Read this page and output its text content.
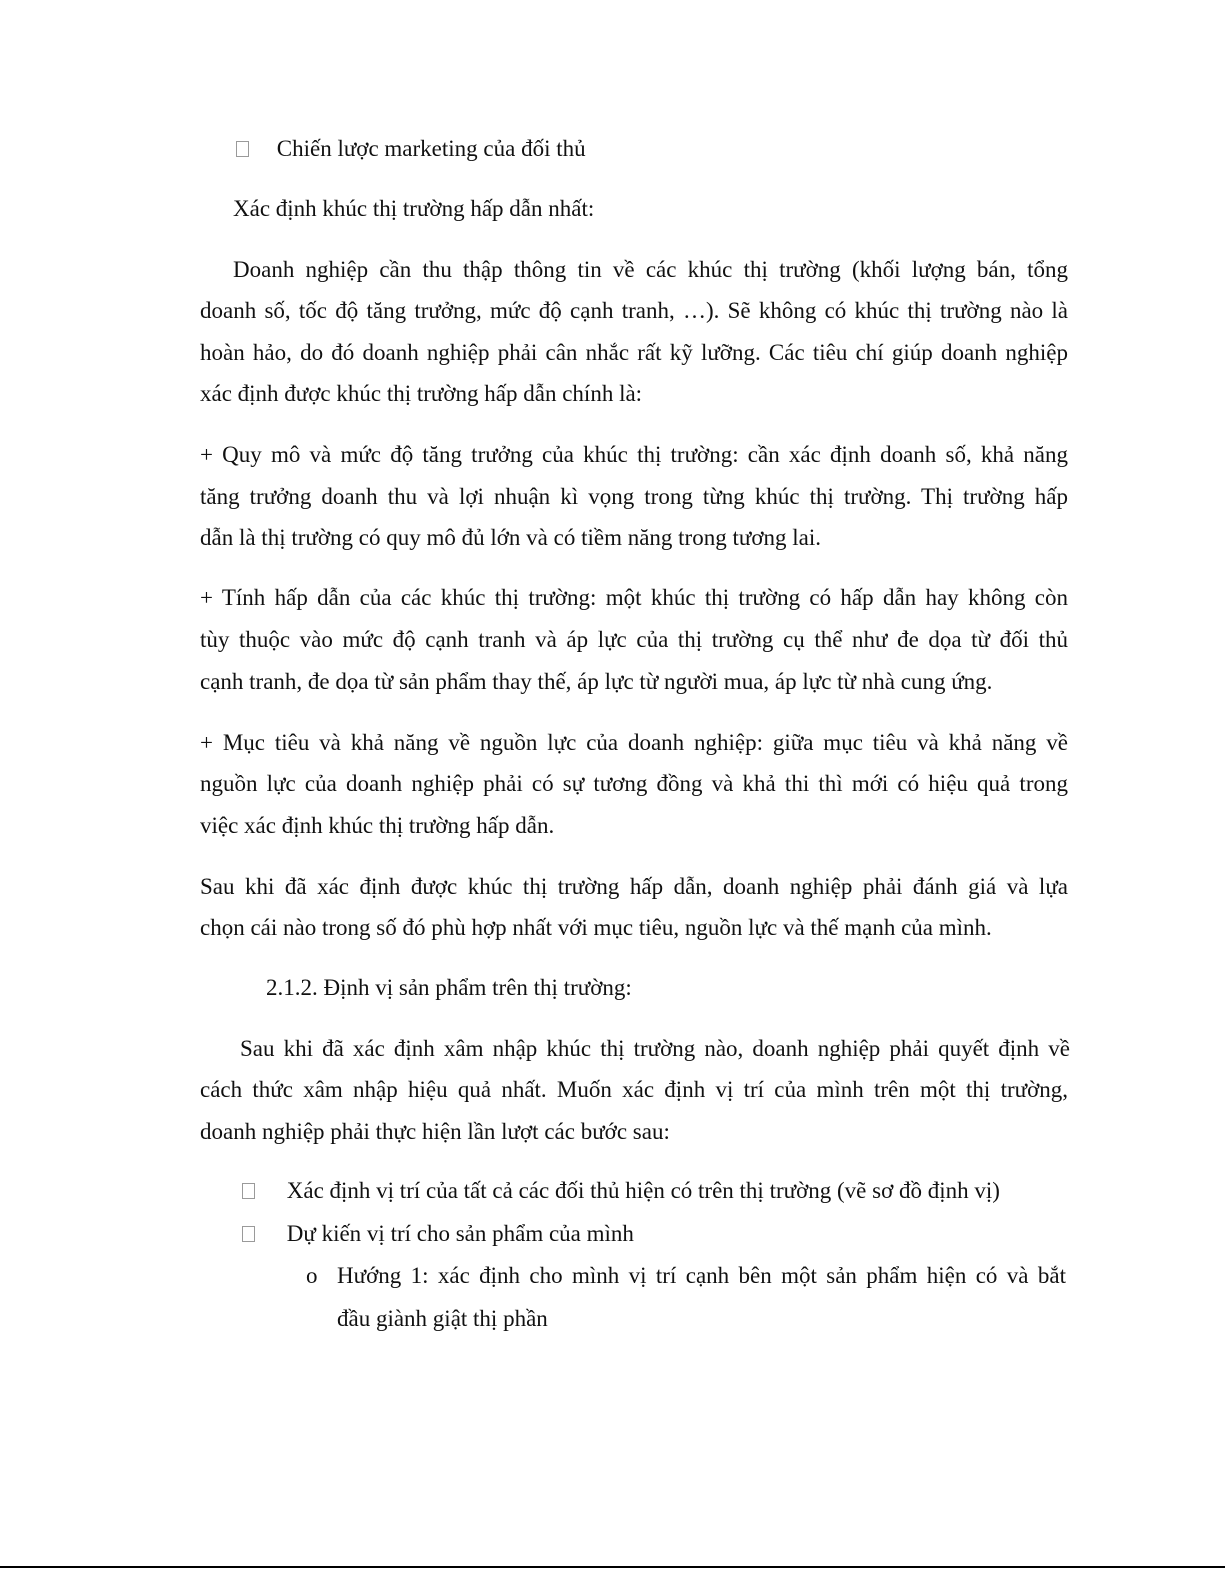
Chiến lược marketing của đối thủ
Xác định khúc thị trường hấp dẫn nhất:
Doanh nghiệp cần thu thập thông tin về các khúc thị trường (khối lượng bán, tổng
doanh số, tốc độ tăng trưởng, mức độ cạnh tranh, …). Sẽ không có khúc thị trường nào là
hoàn hảo, do đó doanh nghiệp phải cân nhắc rất kỹ lưỡng. Các tiêu chí giúp doanh nghiệp
xác định được khúc thị trường hấp dẫn chính là:
+ Quy mô và mức độ tăng trưởng của khúc thị trường: cần xác định doanh số, khả năng
tăng trưởng doanh thu và lợi nhuận kì vọng trong từng khúc thị trường. Thị trường hấp
dẫn là thị trường có quy mô đủ lớn và có tiềm năng trong tương lai.
+ Tính hấp dẫn của các khúc thị trường: một khúc thị trường có hấp dẫn hay không còn
tùy thuộc vào mức độ cạnh tranh và áp lực của thị trường cụ thể như đe dọa từ đối thủ
cạnh tranh, đe dọa từ sản phẩm thay thế, áp lực từ người mua, áp lực từ nhà cung ứng.
+ Mục tiêu và khả năng về nguồn lực của doanh nghiệp: giữa mục tiêu và khả năng về
nguồn lực của doanh nghiệp phải có sự tương đồng và khả thi thì mới có hiệu quả trong
việc xác định khúc thị trường hấp dẫn.
Sau khi đã xác định được khúc thị trường hấp dẫn, doanh nghiệp phải đánh giá và lựa
chọn cái nào trong số đó phù hợp nhất với mục tiêu, nguồn lực và thế mạnh của mình.
2.1.2. Định vị sản phẩm trên thị trường:
Sau khi đã xác định xâm nhập khúc thị trường nào, doanh nghiệp phải quyết định về
cách thức xâm nhập hiệu quả nhất. Muốn xác định vị trí của mình trên một thị trường,
doanh nghiệp phải thực hiện lần lượt các bước sau:
Xác định vị trí của tất cả các đối thủ hiện có trên thị trường (vẽ sơ đồ định vị)
Dự kiến vị trí cho sản phẩm của mình
o Hướng 1: xác định cho mình vị trí cạnh bên một sản phẩm hiện có và bắt
đầu giành giật thị phần
